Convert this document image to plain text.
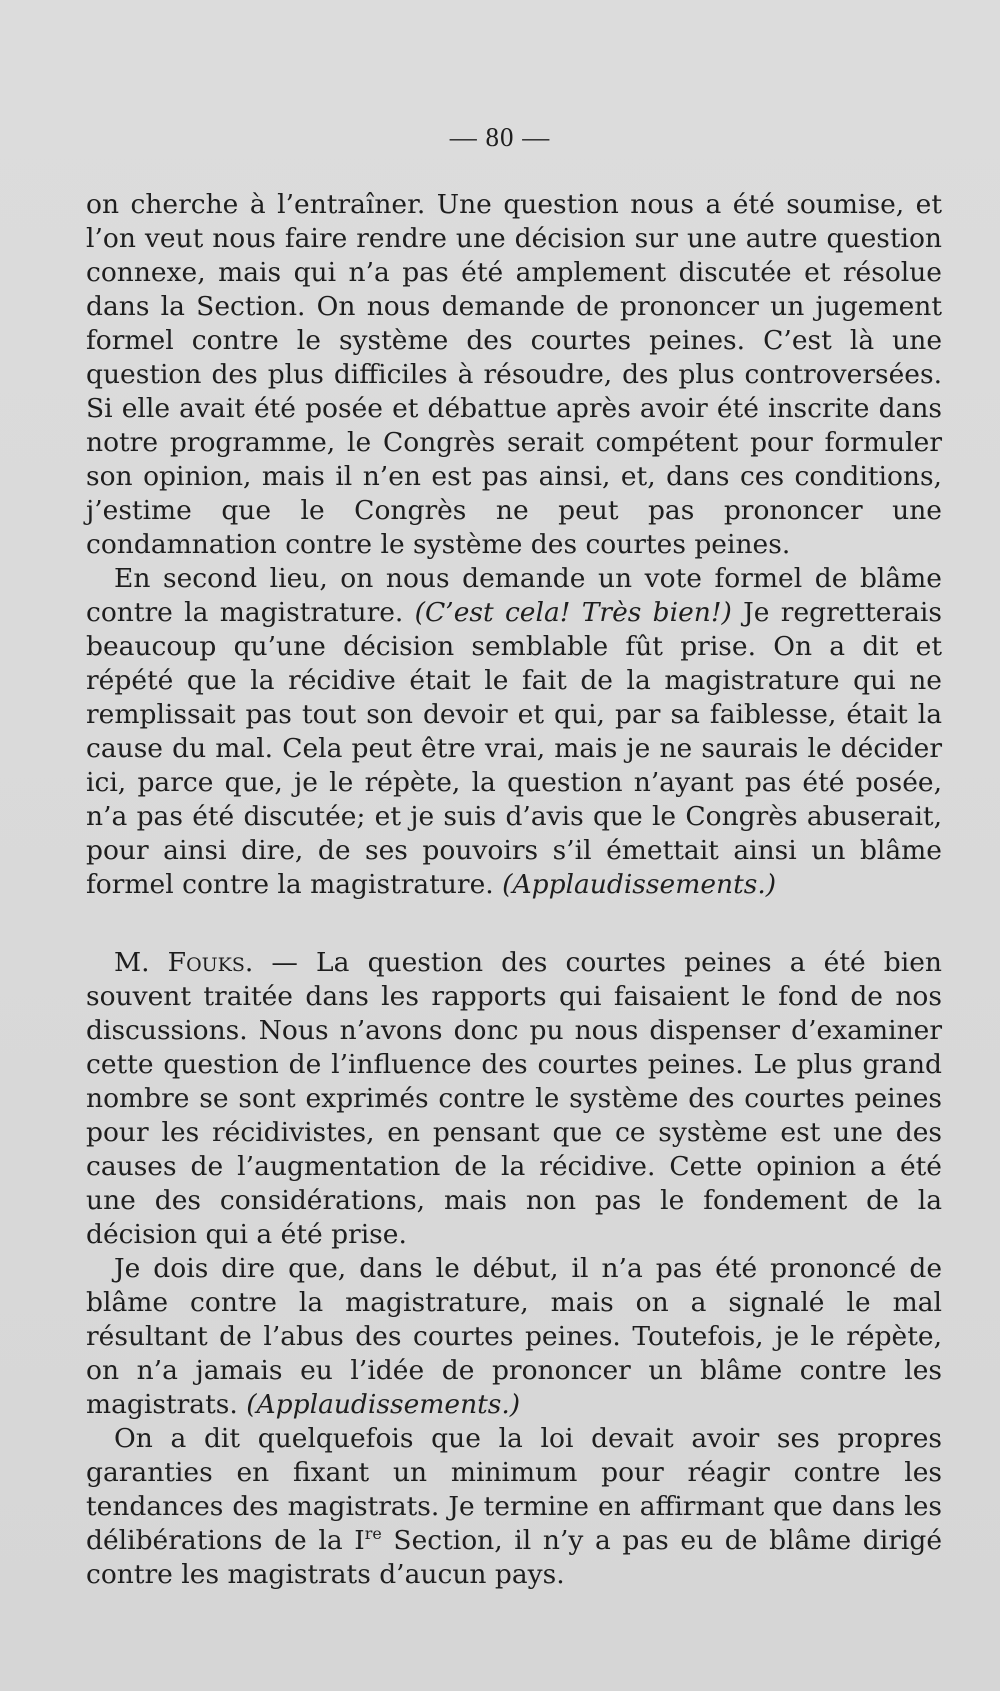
— 80 —

on cherche à l’entraîner. Une question nous a été soumise, et l’on veut nous faire rendre une décision sur une autre question connexe, mais qui n’a pas été amplement discutée et résolue dans la Section. On nous demande de prononcer un jugement formel contre le système des courtes peines. C’est là une question des plus difficiles à résoudre, des plus controversées. Si elle avait été posée et débattue après avoir été inscrite dans notre programme, le Congrès serait compétent pour formuler son opinion, mais il n’en est pas ainsi, et, dans ces conditions, j’estime que le Congrès ne peut pas prononcer une condamnation contre le système des courtes peines.

En second lieu, on nous demande un vote formel de blâme contre la magistrature. (C’est cela! Très bien!) Je regretterais beaucoup qu’une décision semblable fût prise. On a dit et répété que la récidive était le fait de la magistrature qui ne remplissait pas tout son devoir et qui, par sa faiblesse, était la cause du mal. Cela peut être vrai, mais je ne saurais le décider ici, parce que, je le répète, la question n’ayant pas été posée, n’a pas été discutée; et je suis d’avis que le Congrès abuserait, pour ainsi dire, de ses pouvoirs s’il émettait ainsi un blâme formel contre la magistrature. (Applaudissements.)

M. Fouks. — La question des courtes peines a été bien souvent traitée dans les rapports qui faisaient le fond de nos discussions. Nous n’avons donc pu nous dispenser d’examiner cette question de l’influence des courtes peines. Le plus grand nombre se sont exprimés contre le système des courtes peines pour les récidivistes, en pensant que ce système est une des causes de l’augmentation de la récidive. Cette opinion a été une des considérations, mais non pas le fondement de la décision qui a été prise.

Je dois dire que, dans le début, il n’a pas été prononcé de blâme contre la magistrature, mais on a signalé le mal résultant de l’abus des courtes peines. Toutefois, je le répète, on n’a jamais eu l’idée de prononcer un blâme contre les magistrats. (Applaudissements.)

On a dit quelquefois que la loi devait avoir ses propres garanties en fixant un minimum pour réagir contre les tendances des magistrats. Je termine en affirmant que dans les délibérations de la Ire Section, il n’y a pas eu de blâme dirigé contre les magistrats d’aucun pays.
